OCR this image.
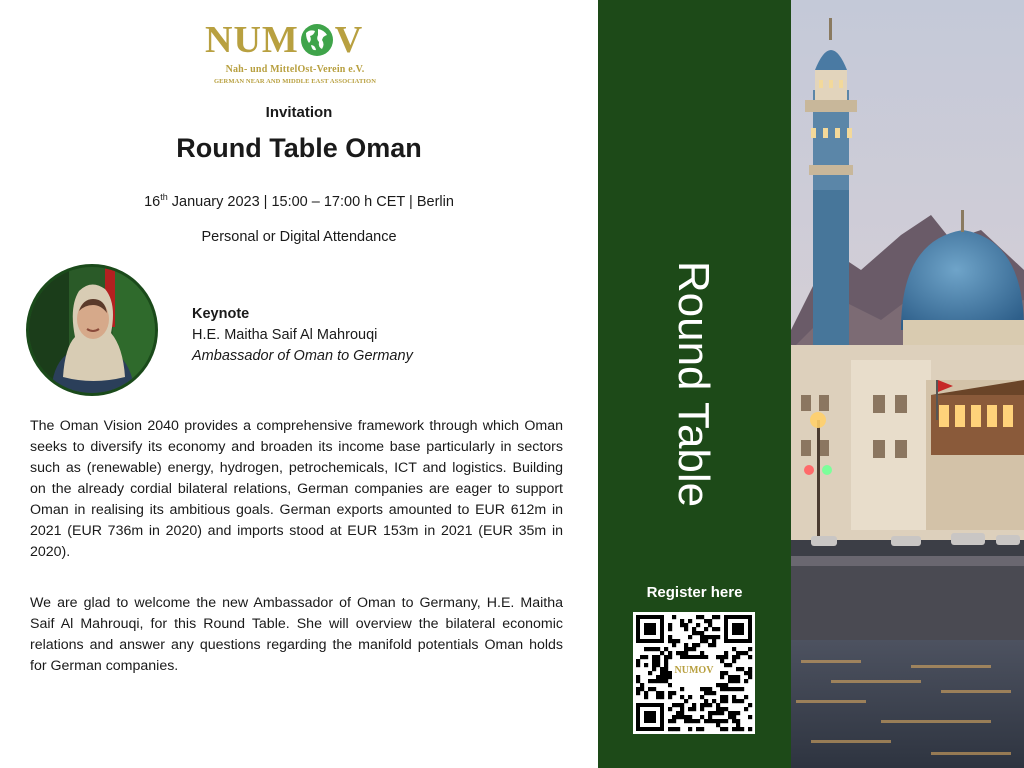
NUM V
Nah- und MittelOst-Verein e.V.
GERMAN NEAR AND MIDDLE EAST ASSOCIATION
Invitation
Round Table Oman
16th January 2023 | 15:00 – 17:00 h CET | Berlin
Personal or Digital Attendance
Keynote
H.E. Maitha Saif Al Mahrouqi
Ambassador of Oman to Germany
The Oman Vision 2040 provides a comprehensive framework through which Oman seeks to diversify its economy and broaden its income base particularly in sectors such as (renewable) energy, hydrogen, petrochemicals, ICT and logistics. Building on the already cordial bilateral relations, German companies are eager to support Oman in realising its ambitious goals. German exports amounted to EUR 612m in 2021 (EUR 736m in 2020) and imports stood at EUR 153m in 2021 (EUR 35m in 2020).
We are glad to welcome the new Ambassador of Oman to Germany, H.E. Maitha Saif Al Mahrouqi, for this Round Table. She will overview the bilateral economic relations and answer any questions regarding the manifold potentials Oman holds for German companies.
Round Table
Register here
NUMOV
